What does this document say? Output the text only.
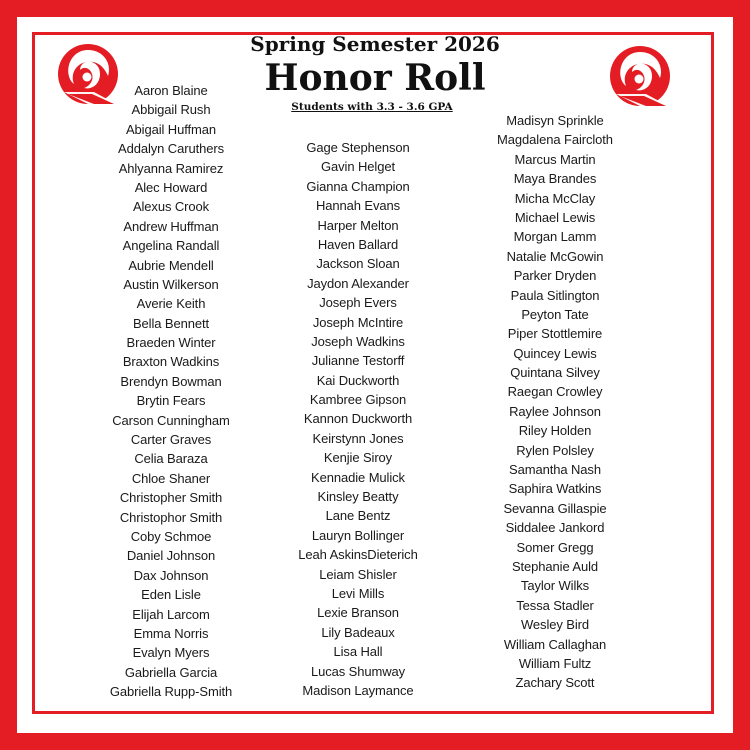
Spring Semester 2026
Honor Roll
Students with 3.3 - 3.6 GPA
Aaron Blaine
Abbigail Rush
Abigail Huffman
Addalyn Caruthers
Ahlyanna Ramirez
Alec Howard
Alexus Crook
Andrew Huffman
Angelina Randall
Aubrie Mendell
Austin Wilkerson
Averie Keith
Bella Bennett
Braeden Winter
Braxton Wadkins
Brendyn Bowman
Brytin Fears
Carson Cunningham
Carter Graves
Celia Baraza
Chloe Shaner
Christopher Smith
Christophor Smith
Coby Schmoe
Daniel Johnson
Dax Johnson
Eden Lisle
Elijah Larcom
Emma Norris
Evalyn Myers
Gabriella Garcia
Gabriella Rupp-Smith
Gage Stephenson
Gavin Helget
Gianna Champion
Hannah Evans
Harper Melton
Haven Ballard
Jackson Sloan
Jaydon Alexander
Joseph Evers
Joseph McIntire
Joseph Wadkins
Julianne Testorff
Kai Duckworth
Kambree Gipson
Kannon Duckworth
Keirstynn Jones
Kenjie Siroy
Kennadie Mulick
Kinsley Beatty
Lane Bentz
Lauryn Bollinger
Leah AskinsDieterich
Leiam Shisler
Levi Mills
Lexie Branson
Lily Badeaux
Lisa Hall
Lucas Shumway
Madison Laymance
Madisyn Sprinkle
Magdalena Faircloth
Marcus Martin
Maya Brandes
Micha McClay
Michael Lewis
Morgan Lamm
Natalie McGowin
Parker Dryden
Paula Sitlington
Peyton Tate
Piper Stottlemire
Quincey Lewis
Quintana Silvey
Raegan Crowley
Raylee Johnson
Riley Holden
Rylen Polsley
Samantha Nash
Saphira Watkins
Sevanna Gillaspie
Siddalee Jankord
Somer Gregg
Stephanie Auld
Taylor Wilks
Tessa Stadler
Wesley Bird
William Callaghan
William Fultz
Zachary Scott
